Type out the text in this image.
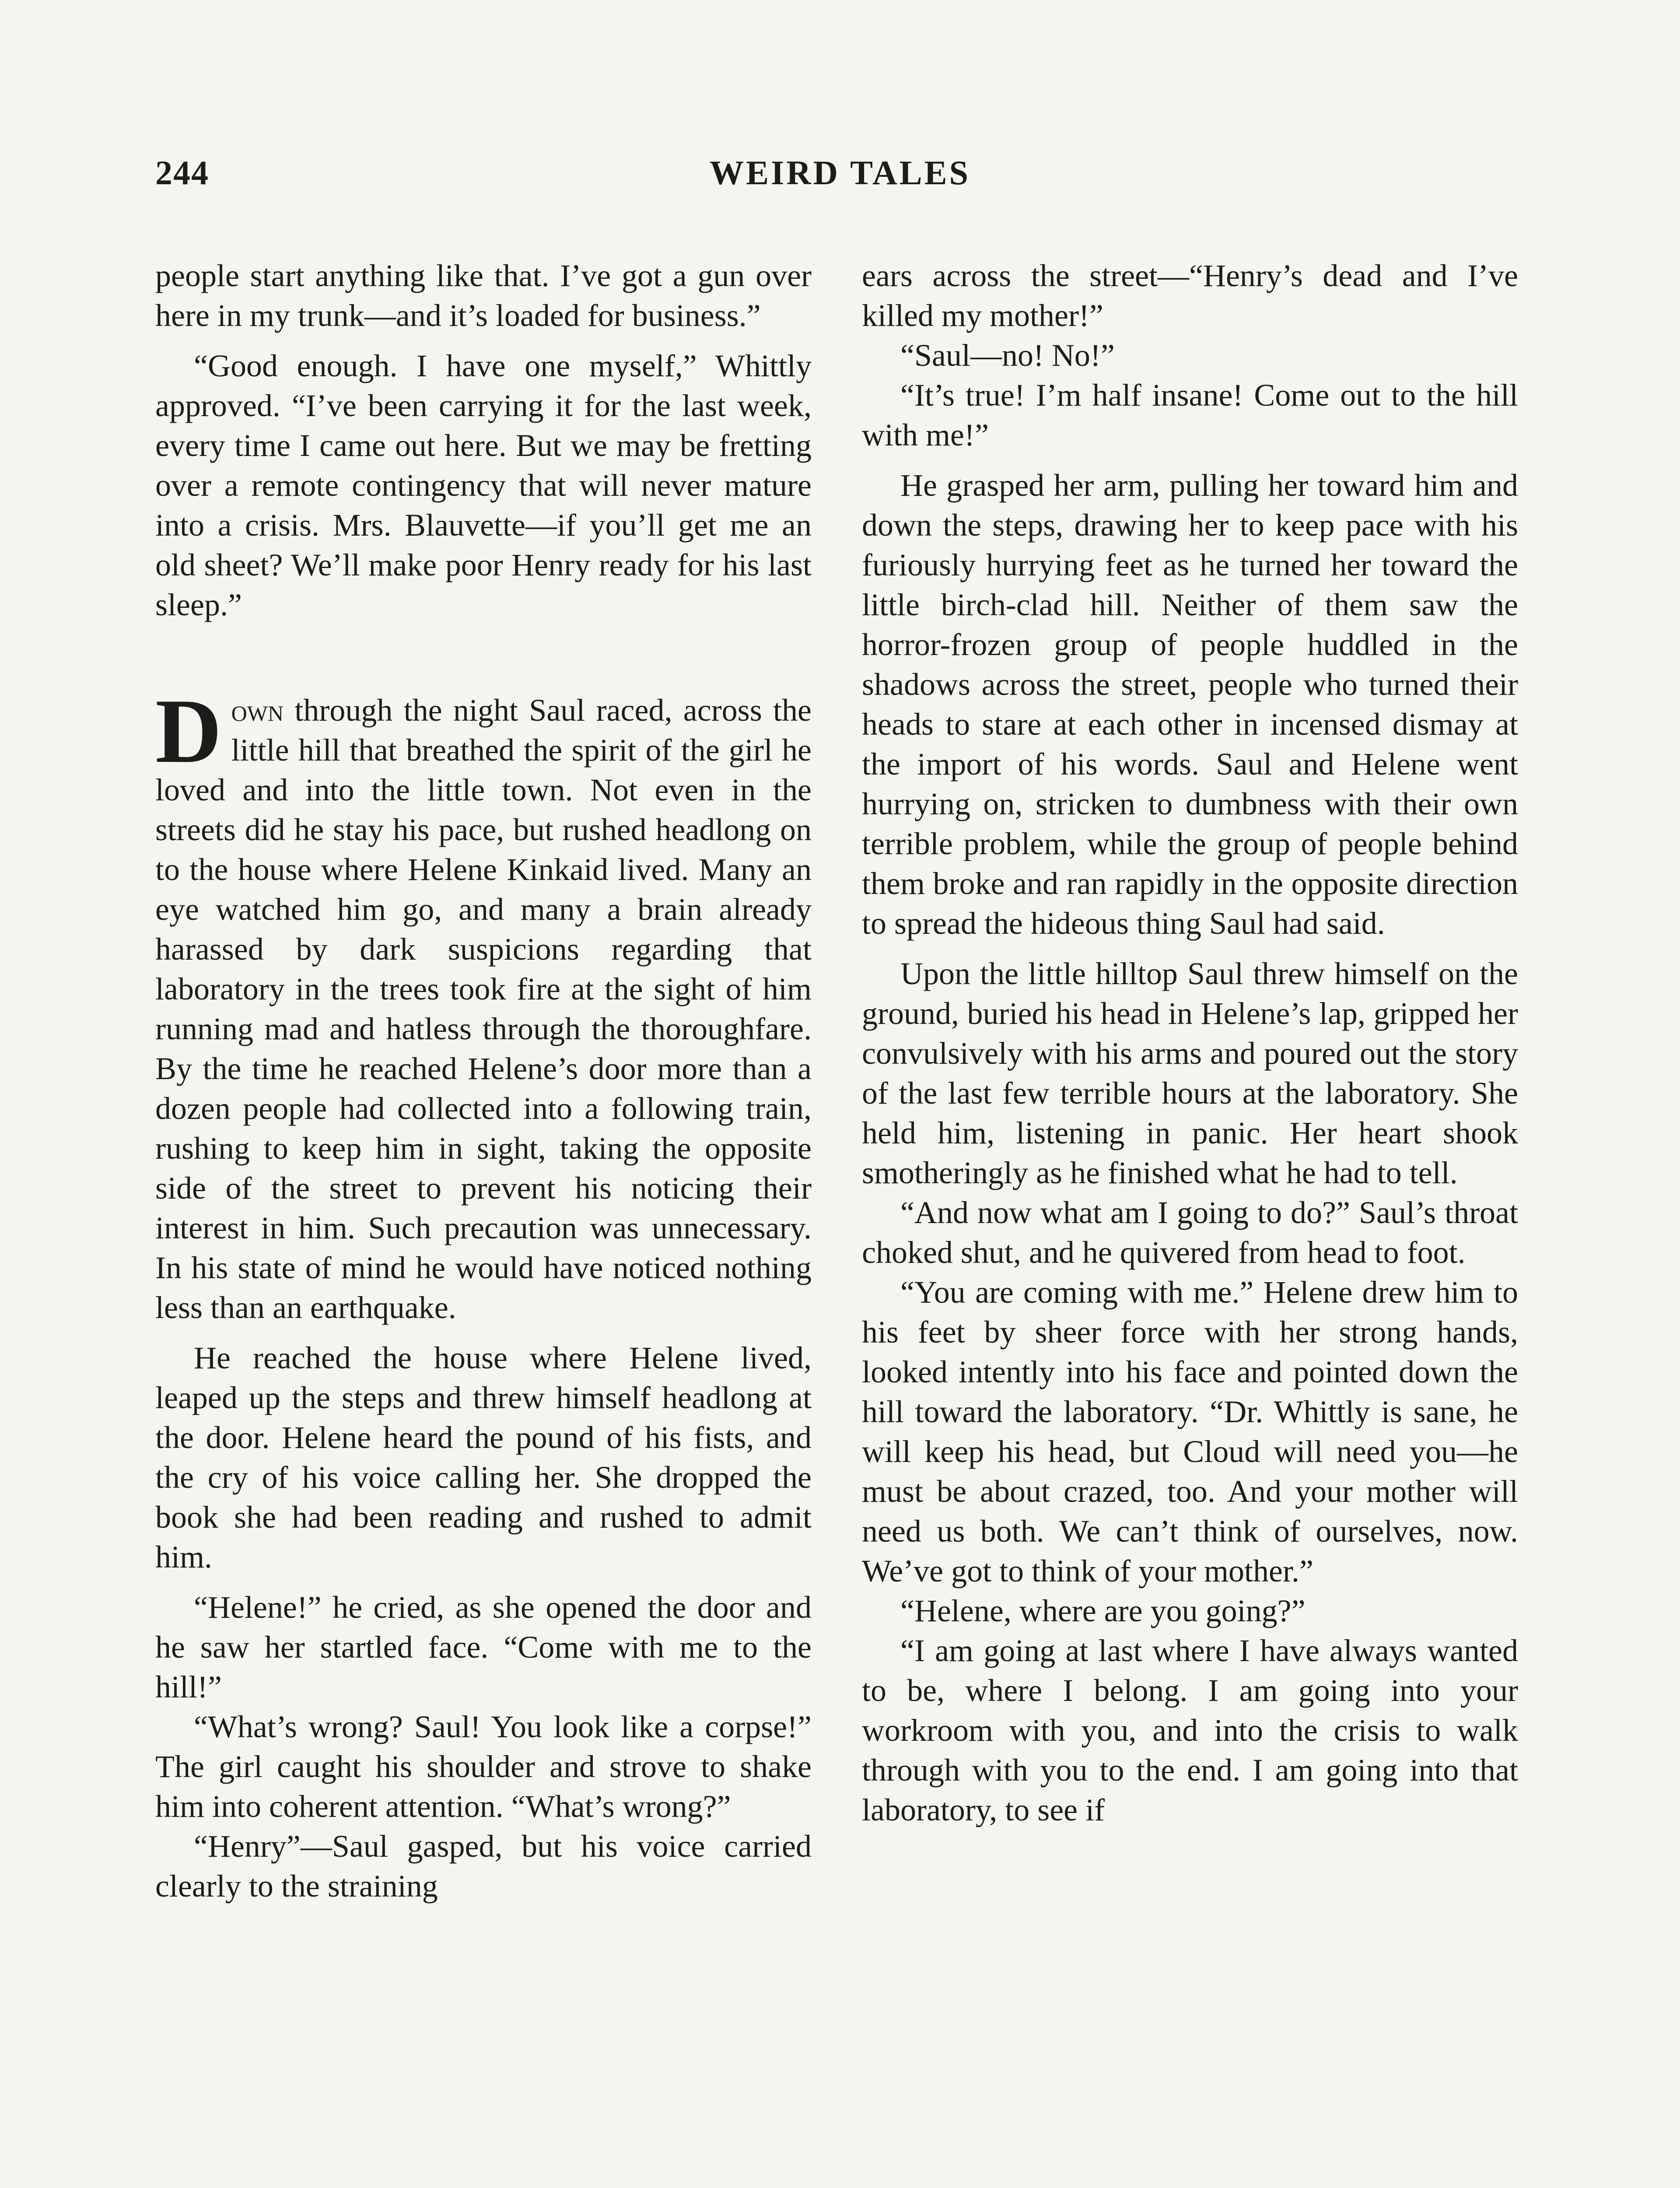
244	WEIRD TALES

people start anything like that. I’ve got a gun over here in my trunk—and it’s loaded for business.”

“Good enough. I have one myself,” Whittly approved. “I’ve been carrying it for the last week, every time I came out here. But we may be fretting over a remote contingency that will never mature into a crisis. Mrs. Blauvette—if you’ll get me an old sheet? We’ll make poor Henry ready for his last sleep.”

Down through the night Saul raced, across the little hill that breathed the spirit of the girl he loved and into the little town. Not even in the streets did he stay his pace, but rushed headlong on to the house where Helene Kinkaid lived. Many an eye watched him go, and many a brain already harassed by dark suspicions regarding that laboratory in the trees took fire at the sight of him running mad and hatless through the thoroughfare. By the time he reached Helene’s door more than a dozen people had collected into a following train, rushing to keep him in sight, taking the opposite side of the street to prevent his noticing their interest in him. Such precaution was unnecessary. In his state of mind he would have noticed nothing less than an earthquake.

He reached the house where Helene lived, leaped up the steps and threw himself headlong at the door. Helene heard the pound of his fists, and the cry of his voice calling her. She dropped the book she had been reading and rushed to admit him.

“Helene!” he cried, as she opened the door and he saw her startled face. “Come with me to the hill!”

“What’s wrong? Saul! You look like a corpse!” The girl caught his shoulder and strove to shake him into coherent attention. “What’s wrong?”

“Henry”—Saul gasped, but his voice carried clearly to the straining

ears across the street—“Henry’s dead and I’ve killed my mother!”

“Saul—no! No!”

“It’s true! I’m half insane! Come out to the hill with me!”

He grasped her arm, pulling her toward him and down the steps, drawing her to keep pace with his furiously hurrying feet as he turned her toward the little birch-clad hill. Neither of them saw the horror-frozen group of people huddled in the shadows across the street, people who turned their heads to stare at each other in incensed dismay at the import of his words. Saul and Helene went hurrying on, stricken to dumbness with their own terrible problem, while the group of people behind them broke and ran rapidly in the opposite direction to spread the hideous thing Saul had said.

Upon the little hilltop Saul threw himself on the ground, buried his head in Helene’s lap, gripped her convulsively with his arms and poured out the story of the last few terrible hours at the laboratory. She held him, listening in panic. Her heart shook smotheringly as he finished what he had to tell.

“And now what am I going to do?” Saul’s throat choked shut, and he quivered from head to foot.

“You are coming with me.” Helene drew him to his feet by sheer force with her strong hands, looked intently into his face and pointed down the hill toward the laboratory. “Dr. Whittly is sane, he will keep his head, but Cloud will need you—he must be about crazed, too. And your mother will need us both. We can’t think of ourselves, now. We’ve got to think of your mother.”

“Helene, where are you going?”

“I am going at last where I have always wanted to be, where I belong. I am going into your workroom with you, and into the crisis to walk through with you to the end. I am going into that laboratory, to see if
